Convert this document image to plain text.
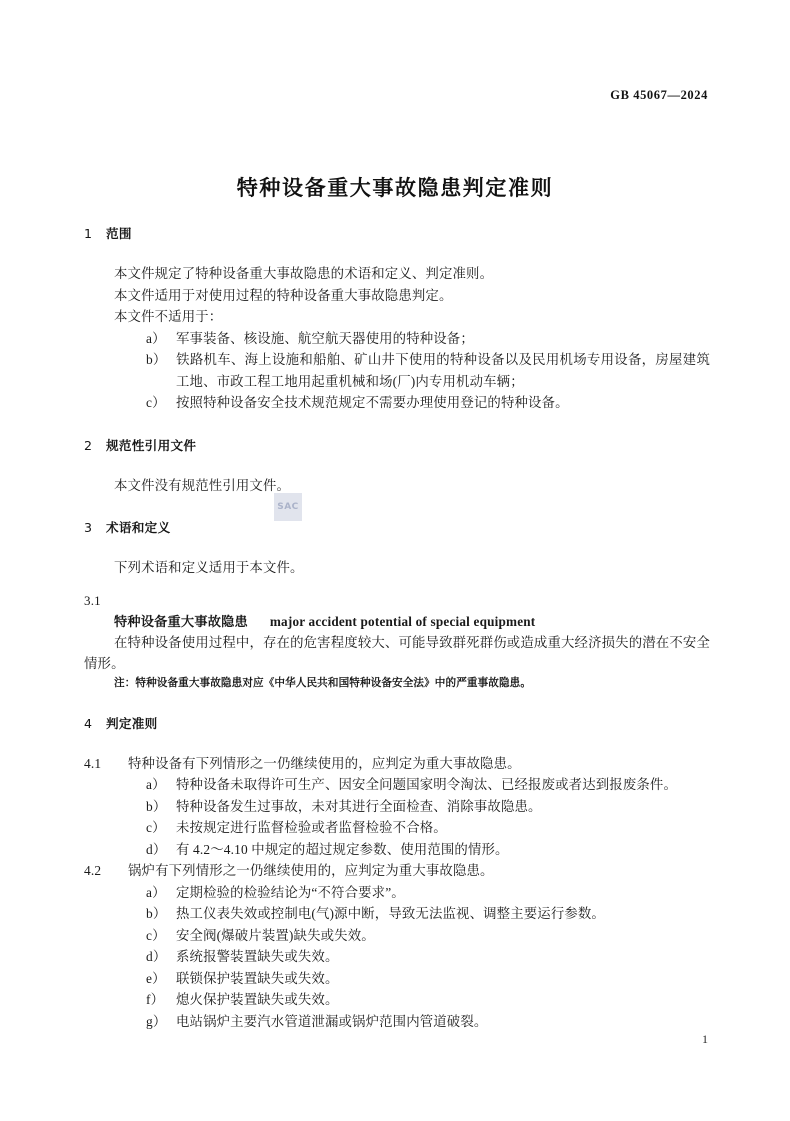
GB 45067—2024
特种设备重大事故隐患判定准则
SAC

1 范围

本文件规定了特种设备重大事故隐患的术语和定义、判定准则。

本文件适用于对使用过程的特种设备重大事故隐患判定。

本文件不适用于：

a） 军事装备、核设施、航空航天器使用的特种设备；

b） 铁路机车、海上设施和船舶、矿山井下使用的特种设备以及民用机场专用设备，房屋建筑工地、市政工程工地用起重机械和场(厂)内专用机动车辆；

c） 按照特种设备安全技术规范规定不需要办理使用登记的特种设备。

2 规范性引用文件

本文件没有规范性引用文件。

3 术语和定义

下列术语和定义适用于本文件。

3.1

特种设备重大事故隐患 major accident potential of special equipment

在特种设备使用过程中，存在的危害程度较大、可能导致群死群伤或造成重大经济损失的潜在不安全情形。

注：特种设备重大事故隐患对应《中华人民共和国特种设备安全法》中的严重事故隐患。

4 判定准则

4.1 特种设备有下列情形之一仍继续使用的，应判定为重大事故隐患。

a） 特种设备未取得许可生产、因安全问题国家明令淘汰、已经报废或者达到报废条件。

b） 特种设备发生过事故，未对其进行全面检查、消除事故隐患。

c） 未按规定进行监督检验或者监督检验不合格。

d） 有 4.2～4.10 中规定的超过规定参数、使用范围的情形。

4.2 锅炉有下列情形之一仍继续使用的，应判定为重大事故隐患。

a） 定期检验的检验结论为“不符合要求”。

b） 热工仪表失效或控制电(气)源中断，导致无法监视、调整主要运行参数。

c） 安全阀(爆破片装置)缺失或失效。

d） 系统报警装置缺失或失效。

e） 联锁保护装置缺失或失效。

f） 熄火保护装置缺失或失效。

g） 电站锅炉主要汽水管道泄漏或锅炉范围内管道破裂。

1
